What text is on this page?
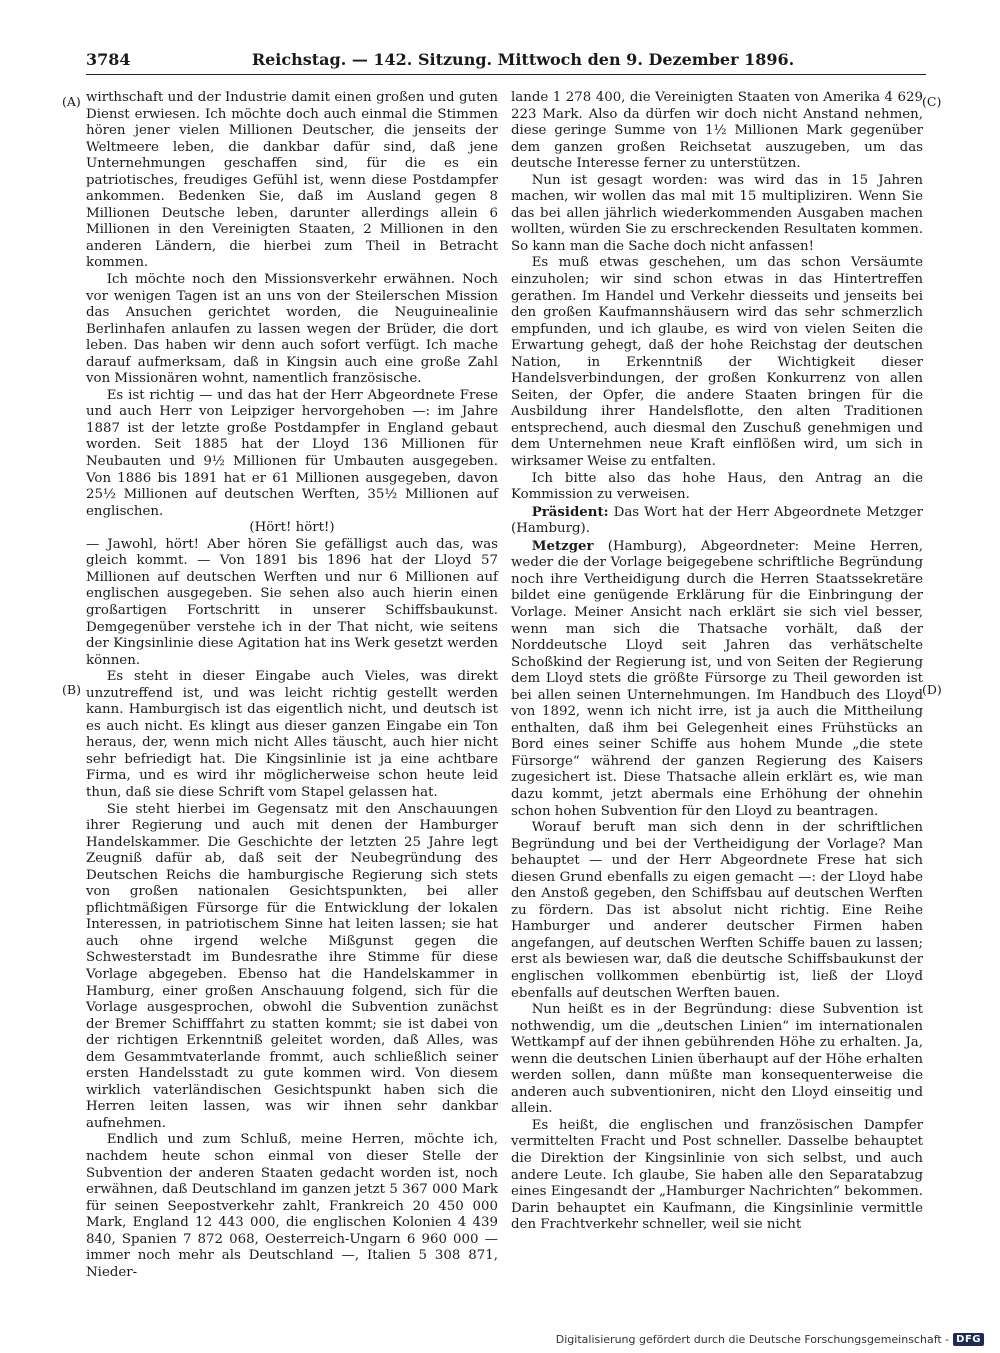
3784	Reichstag. — 142. Sitzung. Mittwoch den 9. Dezember 1896.
(A)
(B)
(C)
(D)

wirthschaft und der Industrie damit einen großen und guten Dienst erwiesen. Ich möchte doch auch einmal die Stimmen hören jener vielen Millionen Deutscher, die jenseits der Weltmeere leben, die dankbar dafür sind, daß jene Unternehmungen geschaffen sind, für die es ein patriotisches, freudiges Gefühl ist, wenn diese Postdampfer ankommen. Bedenken Sie, daß im Ausland gegen 8 Millionen Deutsche leben, darunter allerdings allein 6 Millionen in den Vereinigten Staaten, 2 Millionen in den anderen Ländern, die hierbei zum Theil in Betracht kommen.

Ich möchte noch den Missionsverkehr erwähnen. Noch vor wenigen Tagen ist an uns von der Steilerschen Mission das Ansuchen gerichtet worden, die Neuguinealinie Berlinhafen anlaufen zu lassen wegen der Brüder, die dort leben. Das haben wir denn auch sofort verfügt. Ich mache darauf aufmerksam, daß in Kingsin auch eine große Zahl von Missionären wohnt, namentlich französische.

Es ist richtig — und das hat der Herr Abgeordnete Frese und auch Herr von Leipziger hervorgehoben —: im Jahre 1887 ist der letzte große Postdampfer in England gebaut worden. Seit 1885 hat der Lloyd 136 Millionen für Neubauten und 9½ Millionen für Umbauten ausgegeben. Von 1886 bis 1891 hat er 61 Millionen ausgegeben, davon 25½ Millionen auf deutschen Werften, 35½ Millionen auf englischen.

(Hört! hört!)

— Jawohl, hört! Aber hören Sie gefälligst auch das, was gleich kommt. — Von 1891 bis 1896 hat der Lloyd 57 Millionen auf deutschen Werften und nur 6 Millionen auf englischen ausgegeben. Sie sehen also auch hierin einen großartigen Fortschritt in unserer Schiffsbaukunst. Demgegenüber verstehe ich in der That nicht, wie seitens der Kingsinlinie diese Agitation hat ins Werk gesetzt werden können.

Es steht in dieser Eingabe auch Vieles, was direkt unzutreffend ist, und was leicht richtig gestellt werden kann. Hamburgisch ist das eigentlich nicht, und deutsch ist es auch nicht. Es klingt aus dieser ganzen Eingabe ein Ton heraus, der, wenn mich nicht Alles täuscht, auch hier nicht sehr befriedigt hat. Die Kingsinlinie ist ja eine achtbare Firma, und es wird ihr möglicherweise schon heute leid thun, daß sie diese Schrift vom Stapel gelassen hat.

Sie steht hierbei im Gegensatz mit den Anschauungen ihrer Regierung und auch mit denen der Hamburger Handelskammer. Die Geschichte der letzten 25 Jahre legt Zeugniß dafür ab, daß seit der Neubegründung des Deutschen Reichs die hamburgische Regierung sich stets von großen nationalen Gesichtspunkten, bei aller pflichtmäßigen Fürsorge für die Entwicklung der lokalen Interessen, in patriotischem Sinne hat leiten lassen; sie hat auch ohne irgend welche Mißgunst gegen die Schwesterstadt im Bundesrathe ihre Stimme für diese Vorlage abgegeben. Ebenso hat die Handelskammer in Hamburg, einer großen Anschauung folgend, sich für die Vorlage ausgesprochen, obwohl die Subvention zunächst der Bremer Schifffahrt zu statten kommt; sie ist dabei von der richtigen Erkenntniß geleitet worden, daß Alles, was dem Gesammtvaterlande frommt, auch schließlich seiner ersten Handelsstadt zu gute kommen wird. Von diesem wirklich vaterländischen Gesichtspunkt haben sich die Herren leiten lassen, was wir ihnen sehr dankbar aufnehmen.

Endlich und zum Schluß, meine Herren, möchte ich, nachdem heute schon einmal von dieser Stelle der Subvention der anderen Staaten gedacht worden ist, noch erwähnen, daß Deutschland im ganzen jetzt 5 367 000 Mark für seinen Seepostverkehr zahlt, Frankreich 20 450 000 Mark, England 12 443 000, die englischen Kolonien 4 439 840, Spanien 7 872 068, Oesterreich-Ungarn 6 960 000 — immer noch mehr als Deutschland —, Italien 5 308 871, Nieder-

lande 1 278 400, die Vereinigten Staaten von Amerika 4 629 223 Mark. Also da dürfen wir doch nicht Anstand nehmen, diese geringe Summe von 1½ Millionen Mark gegenüber dem ganzen großen Reichsetat auszugeben, um das deutsche Interesse ferner zu unterstützen.

Nun ist gesagt worden: was wird das in 15 Jahren machen, wir wollen das mal mit 15 multipliziren. Wenn Sie das bei allen jährlich wiederkommenden Ausgaben machen wollten, würden Sie zu erschreckenden Resultaten kommen. So kann man die Sache doch nicht anfassen!

Es muß etwas geschehen, um das schon Versäumte einzuholen; wir sind schon etwas in das Hintertreffen gerathen. Im Handel und Verkehr diesseits und jenseits bei den großen Kaufmannshäusern wird das sehr schmerzlich empfunden, und ich glaube, es wird von vielen Seiten die Erwartung gehegt, daß der hohe Reichstag der deutschen Nation, in Erkenntniß der Wichtigkeit dieser Handelsverbindungen, der großen Konkurrenz von allen Seiten, der Opfer, die andere Staaten bringen für die Ausbildung ihrer Handelsflotte, den alten Traditionen entsprechend, auch diesmal den Zuschuß genehmigen und dem Unternehmen neue Kraft einflößen wird, um sich in wirksamer Weise zu entfalten.

Ich bitte also das hohe Haus, den Antrag an die Kommission zu verweisen.

Präsident: Das Wort hat der Herr Abgeordnete Metzger (Hamburg).

Metzger (Hamburg), Abgeordneter: Meine Herren, weder die der Vorlage beigegebene schriftliche Begründung noch ihre Vertheidigung durch die Herren Staatssekretäre bildet eine genügende Erklärung für die Einbringung der Vorlage. Meiner Ansicht nach erklärt sie sich viel besser, wenn man sich die Thatsache vorhält, daß der Norddeutsche Lloyd seit Jahren das verhätschelte Schoßkind der Regierung ist, und von Seiten der Regierung dem Lloyd stets die größte Fürsorge zu Theil geworden ist bei allen seinen Unternehmungen. Im Handbuch des Lloyd von 1892, wenn ich nicht irre, ist ja auch die Mittheilung enthalten, daß ihm bei Gelegenheit eines Frühstücks an Bord eines seiner Schiffe aus hohem Munde „die stete Fürsorge“ während der ganzen Regierung des Kaisers zugesichert ist. Diese Thatsache allein erklärt es, wie man dazu kommt, jetzt abermals eine Erhöhung der ohnehin schon hohen Subvention für den Lloyd zu beantragen.

Worauf beruft man sich denn in der schriftlichen Begründung und bei der Vertheidigung der Vorlage? Man behauptet — und der Herr Abgeordnete Frese hat sich diesen Grund ebenfalls zu eigen gemacht —: der Lloyd habe den Anstoß gegeben, den Schiffsbau auf deutschen Werften zu fördern. Das ist absolut nicht richtig. Eine Reihe Hamburger und anderer deutscher Firmen haben angefangen, auf deutschen Werften Schiffe bauen zu lassen; erst als bewiesen war, daß die deutsche Schiffsbaukunst der englischen vollkommen ebenbürtig ist, ließ der Lloyd ebenfalls auf deutschen Werften bauen.

Nun heißt es in der Begründung: diese Subvention ist nothwendig, um die „deutschen Linien“ im internationalen Wettkampf auf der ihnen gebührenden Höhe zu erhalten. Ja, wenn die deutschen Linien überhaupt auf der Höhe erhalten werden sollen, dann müßte man konsequenterweise die anderen auch subventioniren, nicht den Lloyd einseitig und allein.

Es heißt, die englischen und französischen Dampfer vermittelten Fracht und Post schneller. Dasselbe behauptet die Direktion der Kingsinlinie von sich selbst, und auch andere Leute. Ich glaube, Sie haben alle den Separatabzug eines Eingesandt der „Hamburger Nachrichten“ bekommen. Darin behauptet ein Kaufmann, die Kingsinlinie vermittle den Frachtverkehr schneller, weil sie nicht

Digitalisierung gefördert durch die Deutsche Forschungsgemeinschaft - DFG
